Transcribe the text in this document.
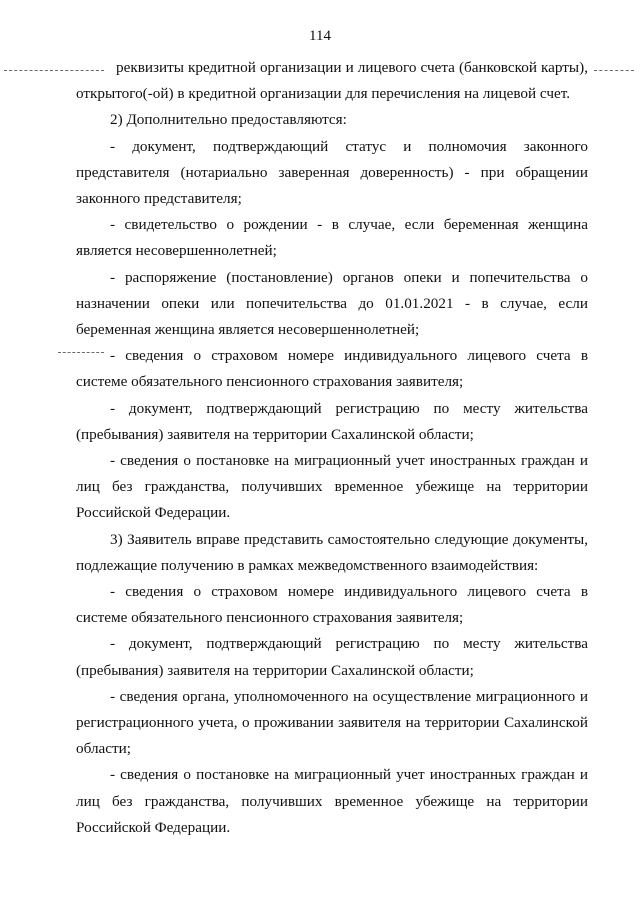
114

реквизиты кредитной организации и лицевого счета (банковской карты), открытого(-ой) в кредитной организации для перечисления на лицевой счет.

2) Дополнительно предоставляются:

- документ, подтверждающий статус и полномочия законного представителя (нотариально заверенная доверенность) - при обращении законного представителя;

- свидетельство о рождении - в случае, если беременная женщина является несовершеннолетней;

- распоряжение (постановление) органов опеки и попечительства о назначении опеки или попечительства до 01.01.2021 - в случае, если беременная женщина является несовершеннолетней;

- сведения о страховом номере индивидуального лицевого счета в системе обязательного пенсионного страхования заявителя;

- документ, подтверждающий регистрацию по месту жительства (пребывания) заявителя на территории Сахалинской области;

- сведения о постановке на миграционный учет иностранных граждан и лиц без гражданства, получивших временное убежище на территории Российской Федерации.

3) Заявитель вправе представить самостоятельно следующие документы, подлежащие получению в рамках межведомственного взаимодействия:

- сведения о страховом номере индивидуального лицевого счета в системе обязательного пенсионного страхования заявителя;

- документ, подтверждающий регистрацию по месту жительства (пребывания) заявителя на территории Сахалинской области;

- сведения органа, уполномоченного на осуществление миграционного и регистрационного учета, о проживании заявителя на территории Сахалинской области;

- сведения о постановке на миграционный учет иностранных граждан и лиц без гражданства, получивших временное убежище на территории Российской Федерации.
